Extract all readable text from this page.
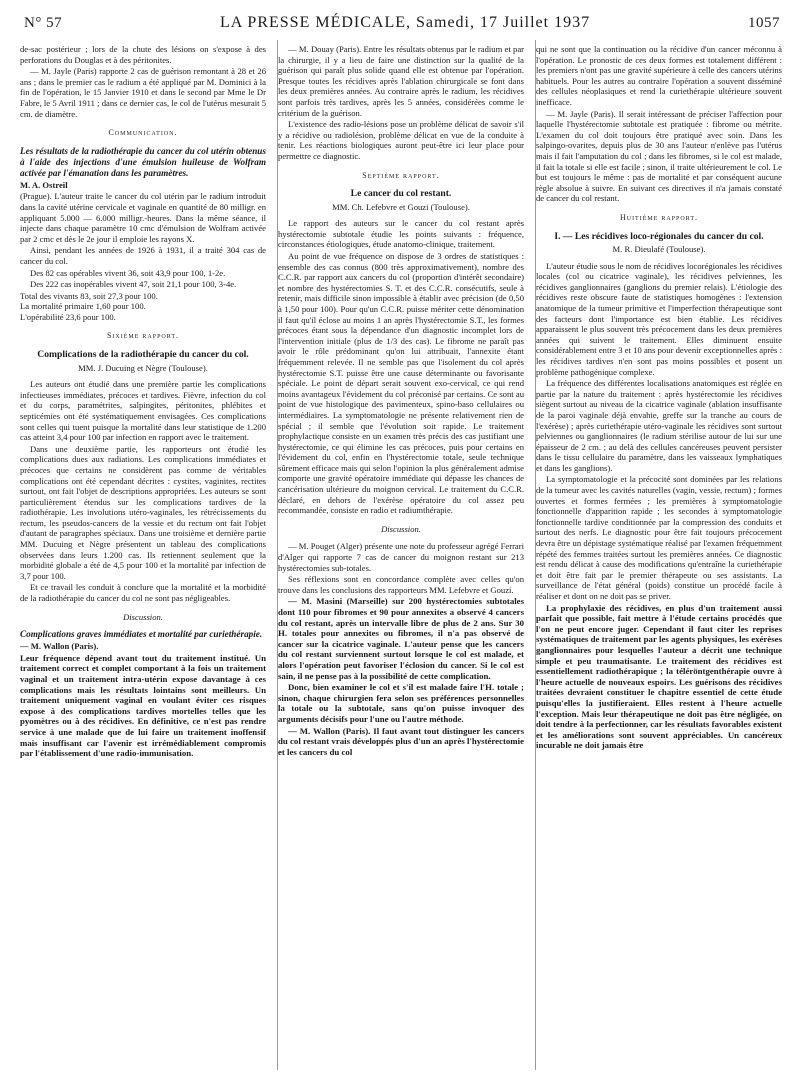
N° 57	LA PRESSE MÉDICALE, Samedi, 17 Juillet 1937	1057

de-sac postérieur ; lors de la chute des lésions on s'expose à des perforations du Douglas et à des péritonites.

— M. Jayle (Paris) rapporte 2 cas de guérison remontant à 28 et 26 ans ; dans le premier cas le radium a été appliqué par M. Dominici à la fin de l'opération, le 15 Janvier 1910 et dans le second par Mme le Dr Fabre, le 5 Avril 1911 ; dans ce dernier cas, le col de l'utérus mesurait 5 cm. de diamètre.

Communication.

Les résultats de la radiothérapie du cancer du col utérin obtenus à l'aide des injections d'une émulsion huileuse de Wolfram activée par l'émanation dans les paramètres.

M. A. Ostreil

(Prague). L'auteur traite le cancer du col utérin par le radium introduit dans la cavité utérine cervicale et vaginale en quantité de 80 milligr. en appliquant 5.000 — 6.000 milligr.-heures. Dans la même séance, il injecte dans chaque paramètre 10 cmc d'émulsion de Wolfram activée par 2 cmc et dès le 2e jour il emploie les rayons X.

Ainsi, pendant les années de 1926 à 1931, il a traité 304 cas de cancer du col.

Des 82 cas opérables vivent 36, soit 43,9 pour 100, 1-2e.

Des 222 cas inopérables vivent 47, soit 21,1 pour 100, 3-4e.

Total des vivants 83, soit 27,3 pour 100.

La mortalité primaire 1,60 pour 100.

L'opérabilité 23,6 pour 100.

Sixième rapport.
Complications de la radiothérapie du cancer du col.
MM. J. Ducuing et Nègre (Toulouse).

Les auteurs ont étudié dans une première partie les complications infectieuses immédiates, précoces et tardives. Fièvre, infection du col et du corps, paramétrites, salpingites, péritonites, phlébites et septicémies ont été systématiquement envisagées. Ces complications sont celles qui tuent puisque la mortalité dans leur statistique de 1.200 cas atteint 3,4 pour 100 par infection en rapport avec le traitement.

Dans une deuxième partie, les rapporteurs ont étudié les complications dues aux radiations. Les complications immédiates et précoces que certains ne considèrent pas comme de véritables complications ont été cependant décrites : cystites, vaginites, rectites surtout, ont fait l'objet de descriptions appropriées. Les auteurs se sont particulièrement étendus sur les complications tardives de la radiothérapie. Les involutions utéro-vaginales, les rétrécissements du rectum, les pseudos-cancers de la vessie et du rectum ont fait l'objet d'autant de paragraphes spéciaux. Dans une troisième et dernière partie MM. Ducuing et Nègre présentent un tableau des complications observées dans leurs 1.200 cas. Ils retiennent seulement que la morbidité globale a été de 4,5 pour 100 et la mortalité par infection de 3,7 pour 100.

Et ce travail les conduit à conclure que la mortalité et la morbidité de la radiothérapie du cancer du col ne sont pas négligeables.

Discussion.

Complications graves immédiates et mortalité par curiethérapie.

— M. Wallon (Paris).

Leur fréquence dépend avant tout du traitement institué. Un traitement correct et complet comportant à la fois un traitement vaginal et un traitement intra-utérin expose davantage à ces complications mais les résultats lointains sont meilleurs. Un traitement uniquement vaginal en voulant éviter ces risques expose à des complications tardives mortelles telles que les pyomètres ou à des récidives. En définitive, ce n'est pas rendre service à une malade que de lui faire un traitement inoffensif mais insuffisant car l'avenir est irrémédiablement compromis par l'établissement d'une radio-immunisation.

— M. Douay (Paris). Entre les résultats obtenus par le radium et par la chirurgie, il y a lieu de faire une distinction sur la qualité de la guérison qui paraît plus solide quand elle est obtenue par l'opération. Presque toutes les récidives après l'ablation chirurgicale se font dans les deux premières années. Au contraire après le radium, les récidives sont parfois très tardives, après les 5 années, considérées comme le critérium de la guérison.

L'existence des radio-lésions pose un problème délicat de savoir s'il y a récidive ou radiolésion, problème délicat en vue de la conduite à tenir. Les réactions biologiques auront peut-être ici leur place pour permettre ce diagnostic.

Septième rapport.
Le cancer du col restant.
MM. Ch. Lefebvre et Gouzi (Toulouse).

Le rapport des auteurs sur le cancer du col restant après hystérectomie subtotale étudie les points suivants : fréquence, circonstances étiologiques, étude anatomo-clinique, traitement.

Au point de vue fréquence on dispose de 3 ordres de statistiques : ensemble des cas connus (800 très approximativement), nombre des C.C.R. par rapport aux cancers du col (proportion d'intérêt secondaire) et nombre des hystérectomies S. T. et des C.C.R. consécutifs, seule à retenir, mais difficile sinon impossible à établir avec précision (de 0,50 à 1,50 pour 100). Pour qu'un C.C.R. puisse mériter cette dénomination il faut qu'il éclose au moins 1 an après l'hystérectomie S.T., les formes précoces étant sous la dépendance d'un diagnostic incomplet lors de l'intervention initiale (plus de 1/3 des cas). Le fibrome ne paraît pas avoir le rôle prédominant qu'on lui attribuait, l'annexite étant fréquemment relevée. Il ne semble pas que l'isolement du col après hystérectomie S.T. puisse être une cause déterminante ou favorisante spéciale. Le point de départ serait souvent exo-cervical, ce qui rend moins avantageux l'évidement du col préconisé par certains. Ce sont au point de vue histologique des pavimenteux, spino-baso cellulaires ou intermédiaires. La symptomatologie ne présente relativement rien de spécial ; il semble que l'évolution soit rapide. Le traitement prophylactique consiste en un examen très précis des cas justifiant une hystérectomie, ce qui élimine les cas précoces, puis pour certains en l'évidement du col, enfin en l'hystérectomie totale, seule technique sûrement efficace mais qui selon l'opinion la plus généralement admise comporte une gravité opératoire immédiate qui dépasse les chances de cancérisation ultérieure du moignon cervical. Le traitement du C.C.R. déclaré, en dehors de l'exérèse opératoire du col assez peu recommandée, consiste en radio et radiumthérapie.

Discussion.

— M. Pouget (Alger) présente une note du professeur agrégé Ferrari d'Alger qui rapporte 7 cas de cancer du moignon restant sur 213 hystérectomies sub-totales.

Ses réflexions sont en concordance complète avec celles qu'on trouve dans les conclusions des rapporteurs MM. Lefebvre et Gouzi.

— M. Masini (Marseille) sur 200 hystérectomies subtotales dont 110 pour fibromes et 90 pour annexites a observé 4 cancers du col restant, après un intervalle libre de plus de 2 ans. Sur 30 H. totales pour annexites ou fibromes, il n'a pas observé de cancer sur la cicatrice vaginale. L'auteur pense que les cancers du col restant surviennent surtout lorsque le col est malade, et alors l'opération peut favoriser l'éclosion du cancer. Si le col est sain, il ne pense pas à la possibilité de cette complication.

Donc, bien examiner le col et s'il est malade faire l'H. totale ; sinon, chaque chirurgien fera selon ses préférences personnelles la totale ou la subtotale, sans qu'on puisse invoquer des arguments décisifs pour l'une ou l'autre méthode.

— M. Wallon (Paris). Il faut avant tout distinguer les cancers du col restant vrais développés plus d'un an après l'hystérectomie et les cancers du col

qui ne sont que la continuation ou la récidive d'un cancer méconnu à l'opération. Le pronostic de ces deux formes est totalement différent : les premiers n'ont pas une gravité supérieure à celle des cancers utérins habituels. Pour les autres au contraire l'opération a souvent disséminé des cellules néoplasiques et rend la curiethérapie ultérieure souvent inefficace.

— M. Jayle (Paris). Il serait intéressant de préciser l'affection pour laquelle l'hystérectomie subtotale est pratiquée : fibrome ou métrite. L'examen du col doit toujours être pratiqué avec soin. Dans les salpingo-ovarites, depuis plus de 30 ans l'auteur n'enlève pas l'utérus mais il fait l'amputation du col ; dans les fibromes, si le col est malade, il fait la totale si elle est facile ; sinon, il traite ultérieurement le col. Le but est toujours le même : pas de mortalité et par conséquent aucune règle absolue à suivre. En suivant ces directives il n'a jamais constaté de cancer du col restant.

Huitième rapport.
I. — Les récidives loco-régionales du cancer du col.
M. R. Dieulafé (Toulouse).

L'auteur étudie sous le nom de récidives locorégionales les récidives locales (col ou cicatrice vaginale), les récidives pelviennes, les récidives ganglionnaires (ganglions du premier relais). L'étiologie des récidives reste obscure faute de statistiques homogènes : l'extension anatomique de la tumeur primitive et l'imperfection thérapeutique sont des facteurs dont l'importance est bien établie. Les récidives apparaissent le plus souvent très précocement dans les deux premières années qui suivent le traitement. Elles diminuent ensuite considérablement entre 3 et 10 ans pour devenir exceptionnelles après : les récidives tardives n'en sont pas moins possibles et posent un problème pathogénique complexe.

La fréquence des différentes localisations anatomiques est réglée en partie par la nature du traitement : après hystérectomie les récidives siègent surtout au niveau de la cicatrice vaginale (ablation insuffisante de la paroi vaginale déjà envahie, greffe sur la tranche au cours de l'exérèse) ; après curiethérapie utéro-vaginale les récidives sont surtout pelviennes ou ganglionnaires (le radium stérilise autour de lui sur une épaisseur de 2 cm. ; au delà des cellules cancéreuses peuvent persister dans le tissu cellulaire du paramètre, dans les vaisseaux lymphatiques et dans les ganglions).

La symptomatologie et la précocité sont dominées par les relations de la tumeur avec les cavités naturelles (vagin, vessie, rectum) ; formes ouvertes et formes fermées ; les premières à symptomatologie fonctionnelle d'apparition rapide ; les secondes à symptomatologie fonctionnelle tardive conditionnée par la compression des conduits et surtout des nerfs. Le diagnostic pour être fait toujours précocement devra être un dépistage systématique réalisé par l'examen fréquemment répété des femmes traitées surtout les premières années. Ce diagnostic est rendu délicat à cause des modifications qu'entraîne la curiethérapie et doit être fait par le premier thérapeute ou ses assistants. La surveillance de l'état général (poids) constitue un procédé facile à réaliser et dont on ne doit pas se priver.

La prophylaxie des récidives, en plus d'un traitement aussi parfait que possible, fait mettre à l'étude certains procédés que l'on ne peut encore juger. Cependant il faut citer les reprises systématiques de traitement par les agents physiques, les exérèses ganglionnaires pour lesquelles l'auteur a décrit une technique simple et peu traumatisante. Le traitement des récidives est essentiellement radiothérapique ; la téléröntgenthérapie ouvre à l'heure actuelle de nouveaux espoirs. Les guérisons des récidives traitées devraient constituer le chapitre essentiel de cette étude puisqu'elles la justifieraient. Elles restent à l'heure actuelle l'exception. Mais leur thérapeutique ne doit pas être négligée, on doit tendre à la perfectionner, car les résultats favorables existent et les améliorations sont souvent appréciables. Un cancéreux incurable ne doit jamais être
